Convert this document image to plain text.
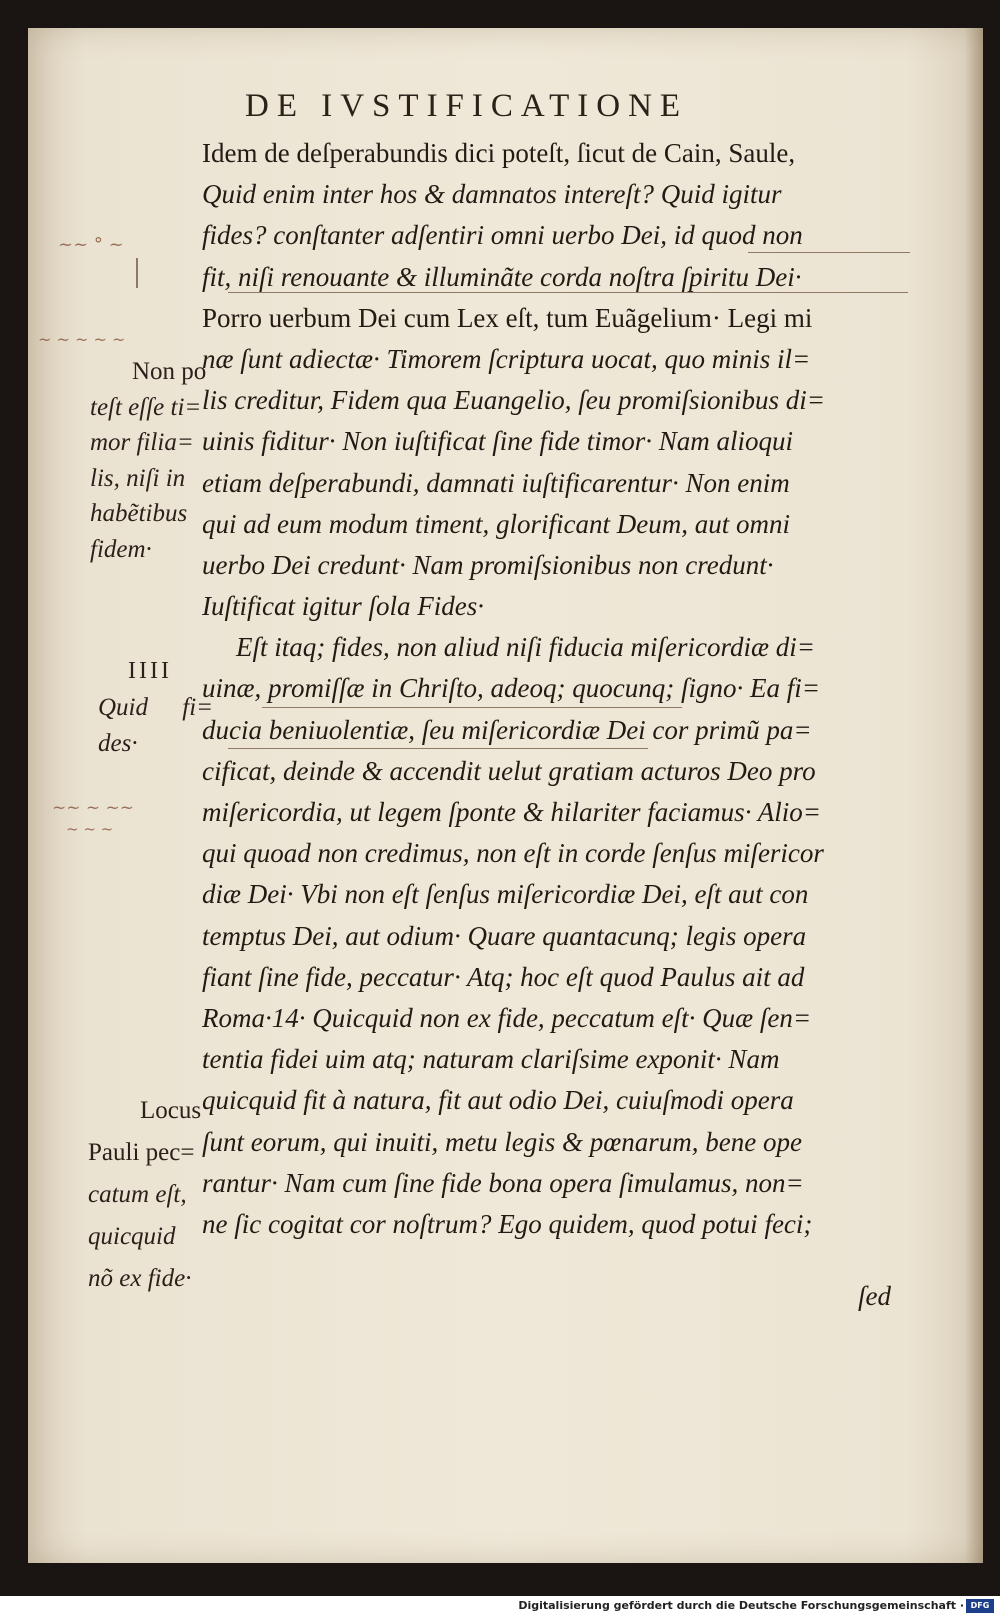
DE IVSTIFICATIONE
~~ ° ~
~ ~ ~ ~ ~
~~ ~ ~~
~ ~ ~
Idem de deſperabundis dici poteſt, ſicut de Cain, Saule,
Quid enim inter hos & damnatos intereſt? Quid igitur
fides? conſtanter adſentiri omni uerbo Dei, id quod non
fit, niſi renouante & illuminãte corda noſtra ſpiritu Dei·
Porro uerbum Dei cum Lex eſt, tum Euãgelium· Legi mi
næ ſunt adiectæ· Timorem ſcriptura uocat, quo minis il=
lis creditur, Fidem qua Euangelio, ſeu promiſsionibus di=
uinis fiditur· Non iuſtificat ſine fide timor· Nam alioqui
etiam deſperabundi, damnati iuſtificarentur· Non enim
qui ad eum modum timent, glorificant Deum, aut omni
uerbo Dei credunt· Nam promiſsionibus non credunt·
Iuſtificat igitur ſola Fides·
Eſt itaq; fides, non aliud niſi fiducia miſericordiæ di=
uinæ, promiſſæ in Chriſto, adeoq; quocunq; ſigno· Ea fi=
ducia beniuolentiæ, ſeu miſericordiæ Dei cor primũ pa=
cificat, deinde & accendit uelut gratiam acturos Deo pro
miſericordia, ut legem ſponte & hilariter faciamus· Alio=
qui quoad non credimus, non eſt in corde ſenſus miſericor
diæ Dei· Vbi non eſt ſenſus miſericordiæ Dei, eſt aut con
temptus Dei, aut odium· Quare quantacunq; legis opera
fiant ſine fide, peccatur· Atq; hoc eſt quod Paulus ait ad
Roma·14· Quicquid non ex fide, peccatum eſt· Quæ ſen=
tentia fidei uim atq; naturam clariſsime exponit· Nam
quicquid fit à natura, fit aut odio Dei, cuiuſmodi opera
ſunt eorum, qui inuiti, metu legis & pœnarum, bene ope
rantur· Nam cum ſine fide bona opera ſimulamus, non=
ne ſic cogitat cor noſtrum? Ego quidem, quod potui feci;
ſed
Non po
teſt eſſe ti=
mor filia=
lis, niſi in
habẽtibus
fidem·
IIII
Quid fi=
des·
Locus
Pauli pec=
catum eſt,
quicquid
nõ ex fide·
Digitalisierung gefördert durch die Deutsche Forschungsgemeinschaft · DFG
